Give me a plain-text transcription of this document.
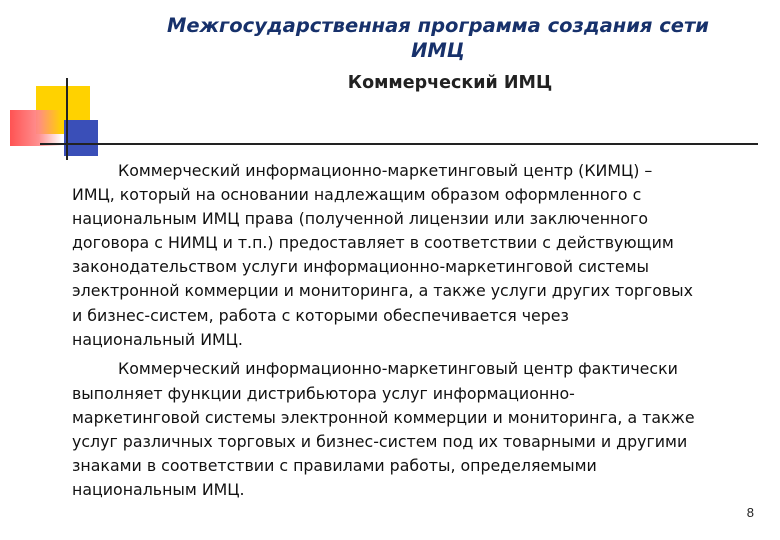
Межгосударственная программа создания сети
ИМЦ
Коммерческий ИМЦ
Коммерческий информационно-маркетинговый центр (КИМЦ) –
ИМЦ, который на основании надлежащим образом оформленного с
национальным ИМЦ права (полученной лицензии или заключенного
договора с НИМЦ и т.п.) предоставляет в соответствии с действующим
законодательством услуги информационно-маркетинговой системы
электронной коммерции и мониторинга, а также услуги других торговых
и бизнес-систем, работа с которыми обеспечивается через
национальный ИМЦ.
Коммерческий информационно-маркетинговый центр фактически
выполняет функции дистрибьютора услуг информационно-
маркетинговой системы электронной коммерции и мониторинга, а также
услуг различных торговых и бизнес-систем под их товарными и другими
знаками в соответствии с правилами работы, определяемыми
национальным ИМЦ.
8
